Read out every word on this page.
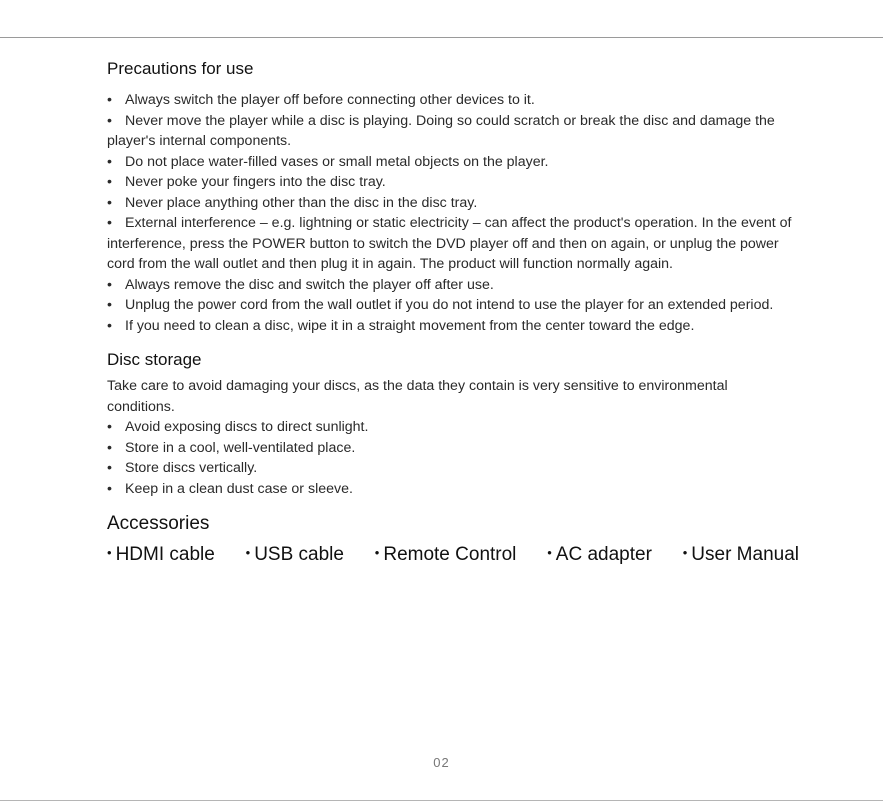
Precautions for use

• Always switch the player off before connecting other devices to it.

• Never move the player while a disc is playing. Doing so could scratch or break the disc and damage the player's internal components.

• Do not place water-filled vases or small metal objects on the player.

• Never poke your fingers into the disc tray.

• Never place anything other than the disc in the disc tray.

• External interference – e.g. lightning or static electricity – can affect the product's operation. In the event of interference, press the POWER button to switch the DVD player off and then on again, or unplug the power cord from the wall outlet and then plug it in again. The product will function normally again.

• Always remove the disc and switch the player off after use.

• Unplug the power cord from the wall outlet if you do not intend to use the player for an extended period.

• If you need to clean a disc, wipe it in a straight movement from the center toward the edge.

Disc storage

Take care to avoid damaging your discs, as the data they contain is very sensitive to environmental conditions.

• Avoid exposing discs to direct sunlight.

• Store in a cool, well-ventilated place.

• Store discs vertically.

• Keep in a clean dust case or sleeve.

Accessories
• HDMI cable • USB cable • Remote Control • AC adapter • User Manual
02
